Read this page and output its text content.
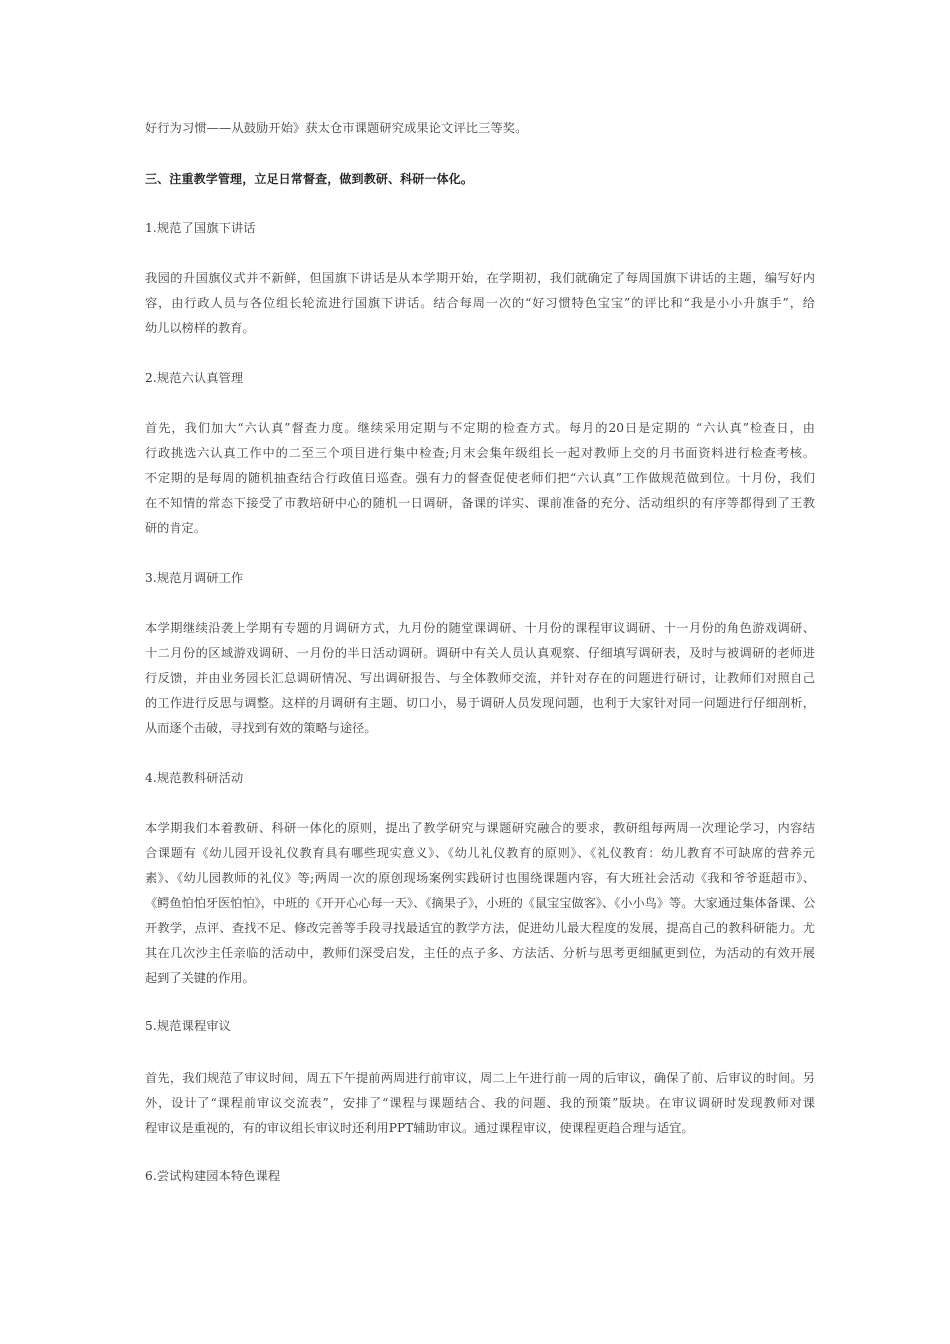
好行为习惯——从鼓励开始》获太仓市课题研究成果论文评比三等奖。
三、注重教学管理，立足日常督查，做到教研、科研一体化。
1.规范了国旗下讲话
我园的升国旗仪式并不新鲜，但国旗下讲话是从本学期开始，在学期初，我们就确定了每周国旗下讲话的主题，编写好内
容，由行政人员与各位组长轮流进行国旗下讲话。结合每周一次的“好习惯特色宝宝”的评比和“我是小小升旗手”，给
幼儿以榜样的教育。
2.规范六认真管理
首先，我们加大“六认真”督查力度。继续采用定期与不定期的检查方式。每月的20日是定期的 “六认真”检查日，由
行政挑选六认真工作中的二至三个项目进行集中检查;月末会集年级组长一起对教师上交的月书面资料进行检查考核。
不定期的是每周的随机抽查结合行政值日巡查。强有力的督查促使老师们把“六认真”工作做规范做到位。十月份，我们
在不知情的常态下接受了市教培研中心的随机一日调研，备课的详实、课前准备的充分、活动组织的有序等都得到了王教
研的肯定。
3.规范月调研工作
本学期继续沿袭上学期有专题的月调研方式，九月份的随堂课调研、十月份的课程审议调研、十一月份的角色游戏调研、
十二月份的区域游戏调研、一月份的半日活动调研。调研中有关人员认真观察、仔细填写调研表，及时与被调研的老师进
行反馈，并由业务园长汇总调研情况、写出调研报告、与全体教师交流，并针对存在的问题进行研讨，让教师们对照自己
的工作进行反思与调整。这样的月调研有主题、切口小，易于调研人员发现问题，也利于大家针对同一问题进行仔细剖析，
从而逐个击破，寻找到有效的策略与途径。
4.规范教科研活动
本学期我们本着教研、科研一体化的原则，提出了教学研究与课题研究融合的要求，教研组每两周一次理论学习，内容结
合课题有《幼儿园开设礼仪教育具有哪些现实意义》、《幼儿礼仪教育的原则》、《礼仪教育：幼儿教育不可缺席的营养元
素》、《幼儿园教师的礼仪》等;两周一次的原创现场案例实践研讨也围绕课题内容，有大班社会活动《我和爷爷逛超市》、
《鳄鱼怕怕牙医怕怕》，中班的《开开心心每一天》、《摘果子》，小班的《鼠宝宝做客》、《小小鸟》等。大家通过集体备课、公
开教学，点评、查找不足、修改完善等手段寻找最适宜的教学方法，促进幼儿最大程度的发展，提高自己的教科研能力。尤
其在几次沙主任亲临的活动中，教师们深受启发，主任的点子多、方法活、分析与思考更细腻更到位，为活动的有效开展
起到了关键的作用。
5.规范课程审议
首先，我们规范了审议时间，周五下午提前两周进行前审议，周二上午进行前一周的后审议，确保了前、后审议的时间。另
外，设计了“课程前审议交流表”，安排了“课程与课题结合、我的问题、我的预策”版块。在审议调研时发现教师对课
程审议是重视的，有的审议组长审议时还利用PPT辅助审议。通过课程审议，使课程更趋合理与适宜。
6.尝试构建园本特色课程
